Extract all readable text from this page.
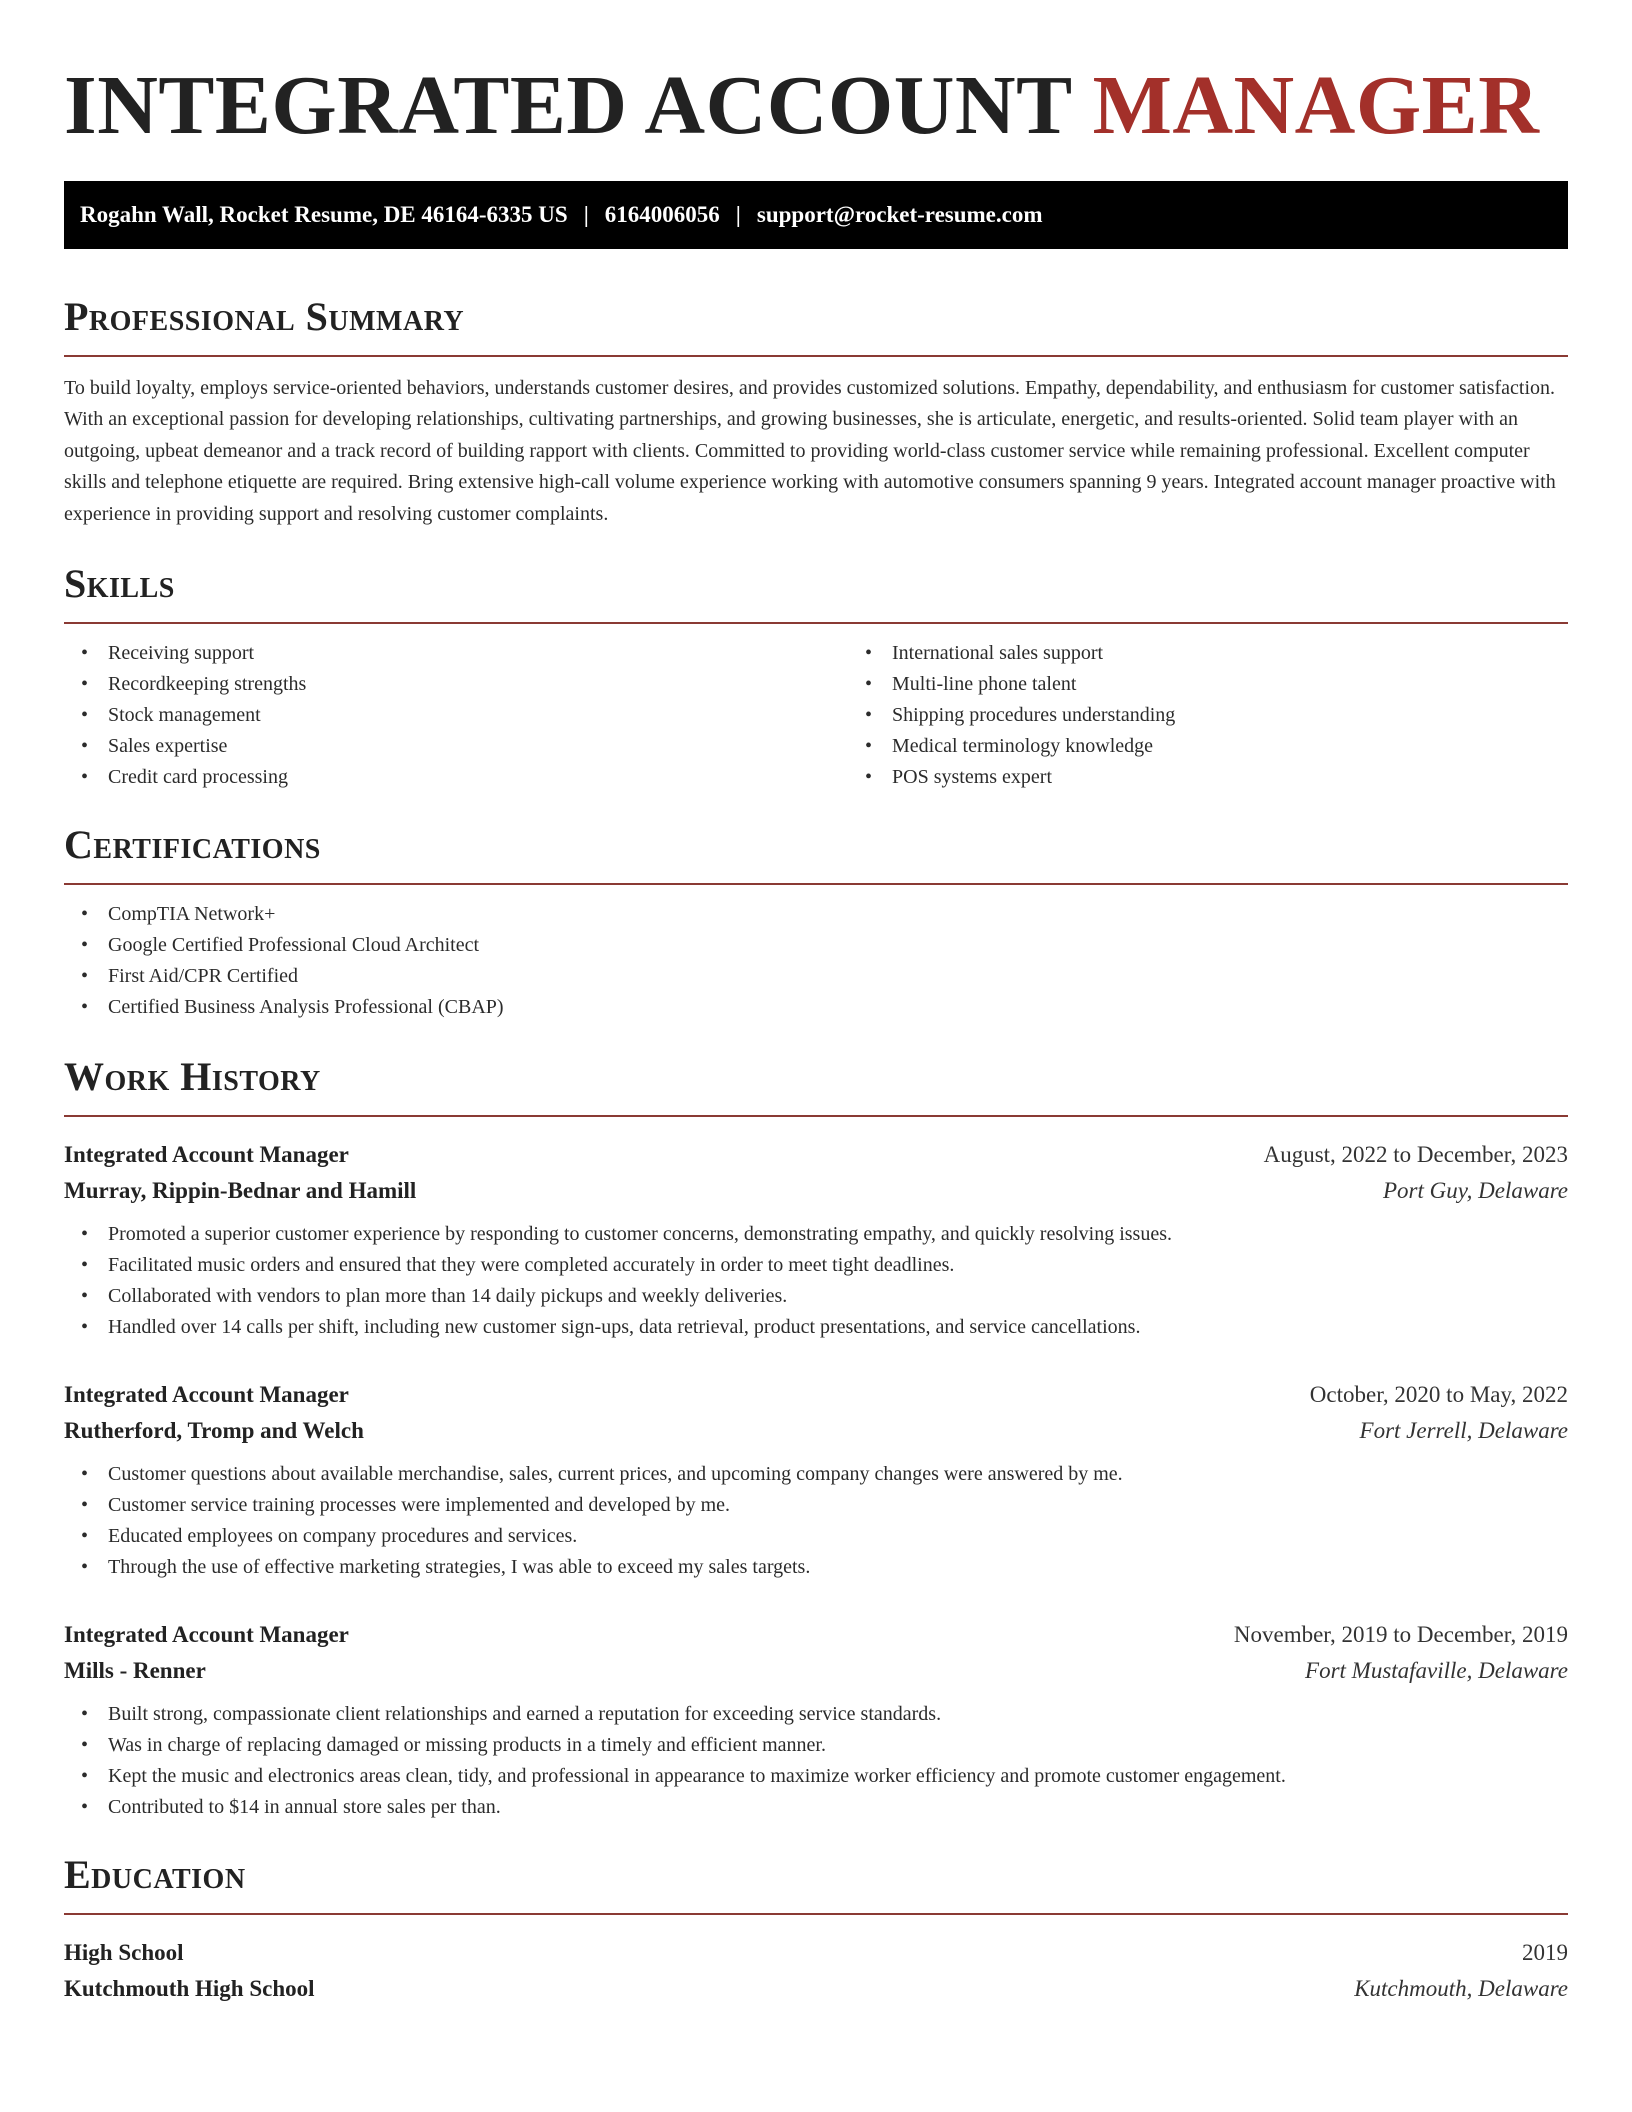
INTEGRATED ACCOUNT MANAGER
Rogahn Wall, Rocket Resume, DE 46164-6335 US | 6164006056 | support@rocket-resume.com
Professional Summary

To build loyalty, employs service-oriented behaviors, understands customer desires, and provides customized solutions. Empathy, dependability, and enthusiasm for customer satisfaction. With an exceptional passion for developing relationships, cultivating partnerships, and growing businesses, she is articulate, energetic, and results-oriented. Solid team player with an outgoing, upbeat demeanor and a track record of building rapport with clients. Committed to providing world-class customer service while remaining professional. Excellent computer skills and telephone etiquette are required. Bring extensive high-call volume experience working with automotive consumers spanning 9 years. Integrated account manager proactive with experience in providing support and resolving customer complaints.

Skills
• Receiving support
• Recordkeeping strengths
• Stock management
• Sales expertise
• Credit card processing
• International sales support
• Multi-line phone talent
• Shipping procedures understanding
• Medical terminology knowledge
• POS systems expert
Certifications
• CompTIA Network+
• Google Certified Professional Cloud Architect
• First Aid/CPR Certified
• Certified Business Analysis Professional (CBAP)
Work History
Integrated Account Manager	August, 2022 to December, 2023
Murray, Rippin-Bednar and Hamill	Port Guy, Delaware
• Promoted a superior customer experience by responding to customer concerns, demonstrating empathy, and quickly resolving issues.
• Facilitated music orders and ensured that they were completed accurately in order to meet tight deadlines.
• Collaborated with vendors to plan more than 14 daily pickups and weekly deliveries.
• Handled over 14 calls per shift, including new customer sign-ups, data retrieval, product presentations, and service cancellations.
Integrated Account Manager	October, 2020 to May, 2022
Rutherford, Tromp and Welch	Fort Jerrell, Delaware
• Customer questions about available merchandise, sales, current prices, and upcoming company changes were answered by me.
• Customer service training processes were implemented and developed by me.
• Educated employees on company procedures and services.
• Through the use of effective marketing strategies, I was able to exceed my sales targets.
Integrated Account Manager	November, 2019 to December, 2019
Mills - Renner	Fort Mustafaville, Delaware
• Built strong, compassionate client relationships and earned a reputation for exceeding service standards.
• Was in charge of replacing damaged or missing products in a timely and efficient manner.
• Kept the music and electronics areas clean, tidy, and professional in appearance to maximize worker efficiency and promote customer engagement.
• Contributed to $14 in annual store sales per than.
Education
High School	2019
Kutchmouth High School	Kutchmouth, Delaware
